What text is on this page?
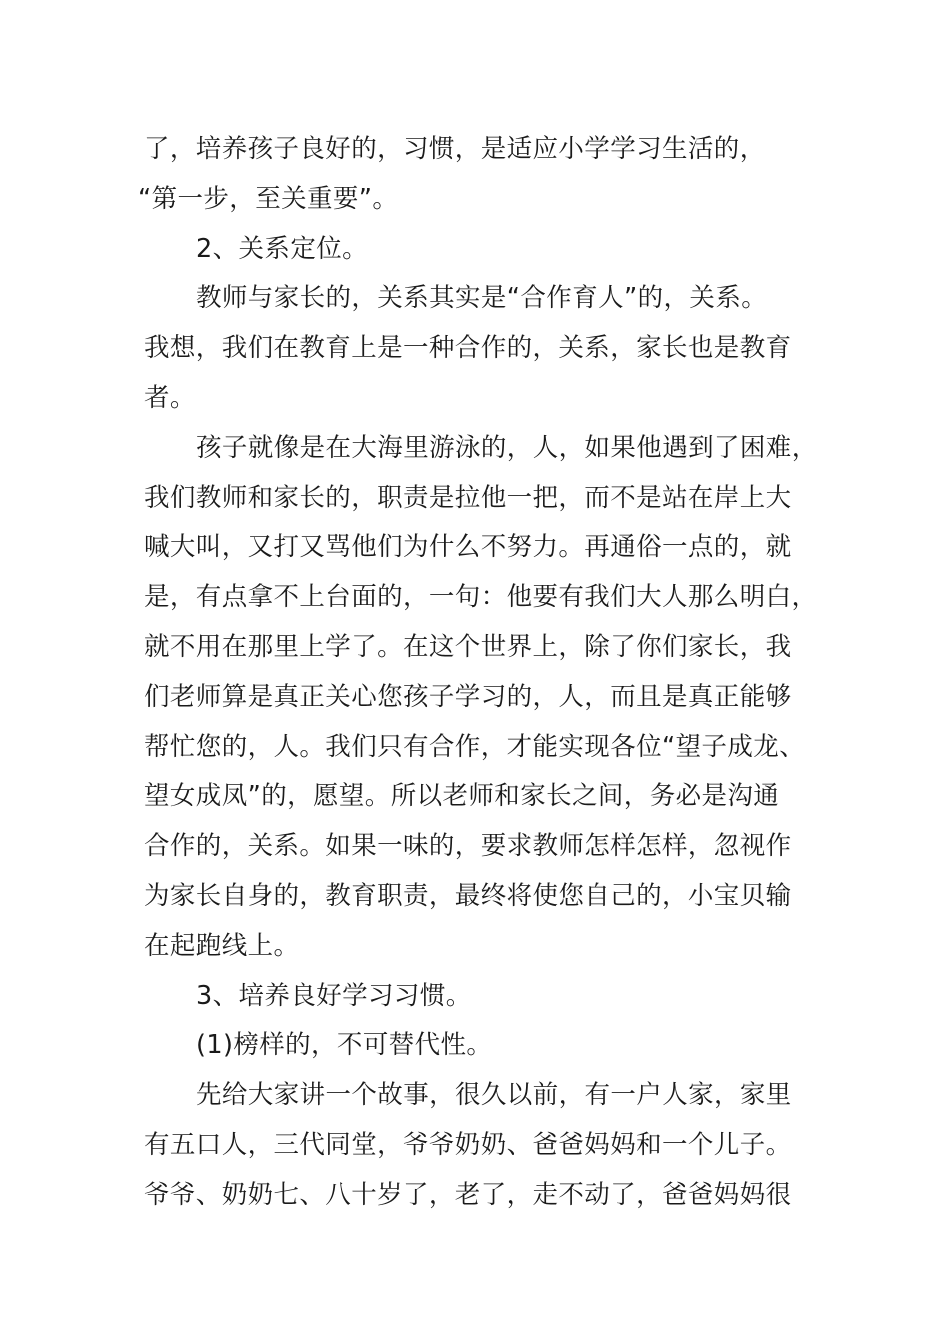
了，培养孩子良好的，习惯，是适应小学学习生活的，
“第一步，至关重要”。

2、关系定位。

教师与家长的，关系其实是“合作育人”的，关系。
我想，我们在教育上是一种合作的，关系，家长也是教育
者。

孩子就像是在大海里游泳的，人，如果他遇到了困难，
我们教师和家长的，职责是拉他一把，而不是站在岸上大
喊大叫，又打又骂他们为什么不努力。再通俗一点的，就
是，有点拿不上台面的，一句：他要有我们大人那么明白，
就不用在那里上学了。在这个世界上，除了你们家长，我
们老师算是真正关心您孩子学习的，人，而且是真正能够
帮忙您的，人。我们只有合作，才能实现各位“望子成龙、
望女成凤”的，愿望。所以老师和家长之间，务必是沟通
合作的，关系。如果一味的，要求教师怎样怎样，忽视作
为家长自身的，教育职责，最终将使您自己的，小宝贝输
在起跑线上。

3、培养良好学习习惯。

(1)榜样的，不可替代性。

先给大家讲一个故事，很久以前，有一户人家，家里
有五口人，三代同堂，爷爷奶奶、爸爸妈妈和一个儿子。
爷爷、奶奶七、八十岁了，老了，走不动了，爸爸妈妈很
